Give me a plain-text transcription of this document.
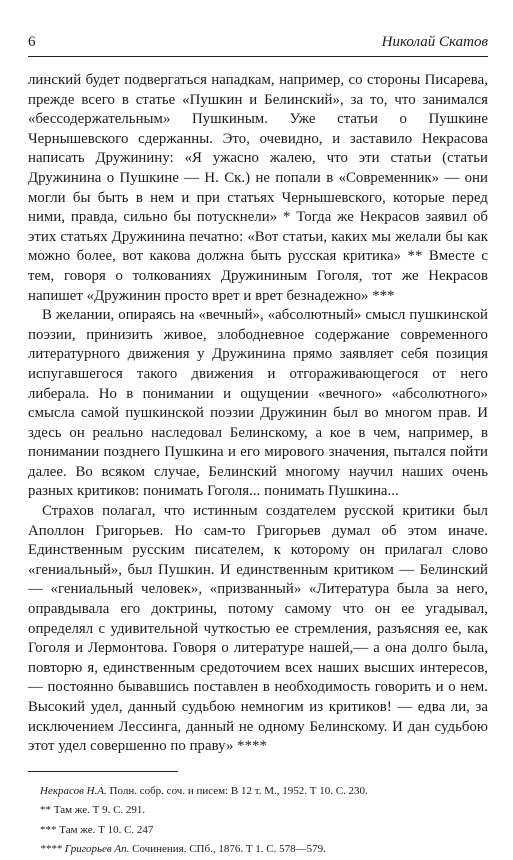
6	Николай Скатов

линский будет подвергаться нападкам, например, со стороны Писарева, прежде всего в статье «Пушкин и Белинский», за то, что занимался «бессодержательным» Пушкиным. Уже статьи о Пушкине Чернышевского сдержанны. Это, очевидно, и заставило Некрасова написать Дружинину: «Я ужасно жалею, что эти статьи (статьи Дружинина о Пушкине — Н. Ск.) не попали в «Современник» — они могли бы быть в нем и при статьях Чернышевского, которые перед ними, правда, сильно бы потускнели» * Тогда же Некрасов заявил об этих статьях Дружинина печатно: «Вот статьи, каких мы желали бы как можно более, вот какова должна быть русская критика» ** Вместе с тем, говоря о толкованиях Дружининым Гоголя, тот же Некрасов напишет «Дружинин просто врет и врет безнадежно» ***

В желании, опираясь на «вечный», «абсолютный» смысл пушкинской поэзии, принизить живое, злободневное содержание современного литературного движения у Дружинина прямо заявляет себя позиция испугавшегося такого движения и отгораживающегося от него либерала. Но в понимании и ощущении «вечного» «абсолютного» смысла самой пушкинской поэзии Дружинин был во многом прав. И здесь он реально наследовал Белинскому, а кое в чем, например, в понимании позднего Пушкина и его мирового значения, пытался пойти далее. Во всяком случае, Белинский многому научил наших очень разных критиков: понимать Гоголя... понимать Пушкина...

Страхов полагал, что истинным создателем русской критики был Аполлон Григорьев. Но сам-то Григорьев думал об этом иначе. Единственным русским писателем, к которому он прилагал слово «гениальный», был Пушкин. И единственным критиком — Белинский — «гениальный человек», «призванный» «Литература была за него, оправдывала его доктрины, потому самому что он ее угадывал, определял с удивительной чуткостью ее стремления, разъясняя ее, как Гоголя и Лермонтова. Говоря о литературе нашей,— а она долго была, повторю я, единственным средоточием всех наших высших интересов,— постоянно бывавшись поставлен в необходимость говорить и о нем. Высокий удел, данный судьбою немногим из критиков! — едва ли, за исключением Лессинга, данный не одному Белинскому. И дан судьбою этот удел совершенно по праву» ****

Некрасов Н.А. Полн. собр. соч. и писем: В 12 т. М., 1952. Т 10. С. 230.

** Там же. Т 9. С. 291.

*** Там же. Т 10. С. 247

**** Григорьев Ап. Сочинения. СПб., 1876. Т 1. С. 578—579.
